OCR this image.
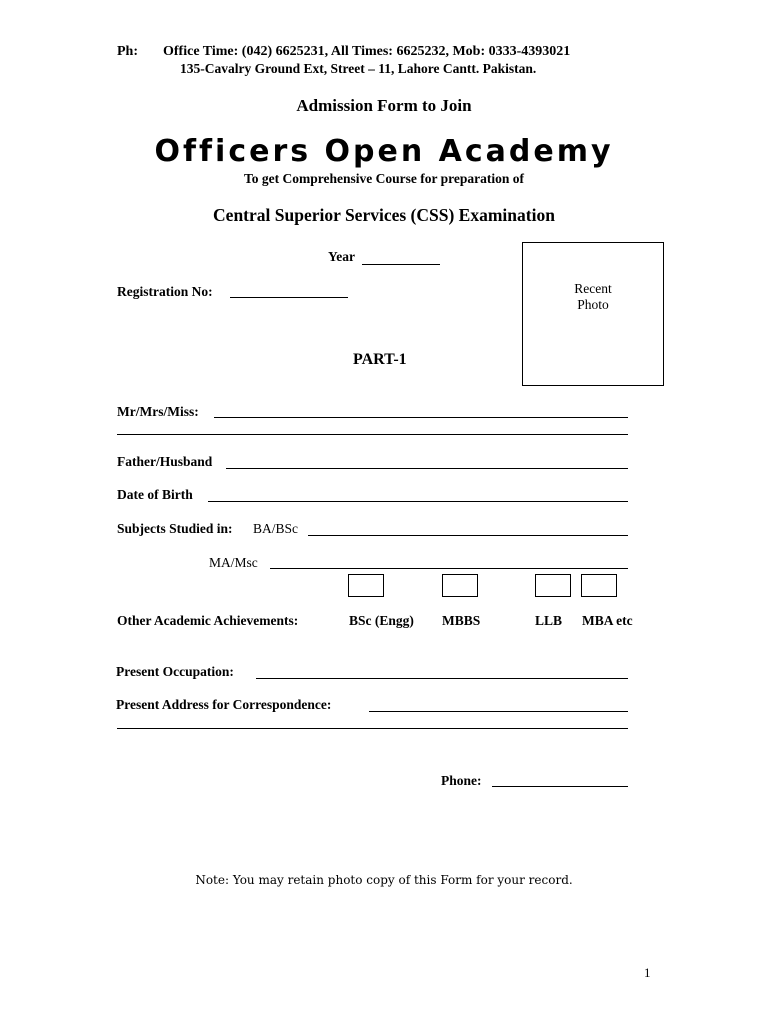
Ph: Office Time: (042) 6625231, All Times: 6625232, Mob: 0333-4393021
135-Cavalry Ground Ext, Street – 11, Lahore Cantt. Pakistan.
Admission Form to Join
Officers Open Academy
To get Comprehensive Course for preparation of
Central Superior Services (CSS) Examination
Year
Registration No:	Recent
Photo
PART-1
Mr/Mrs/Miss:
Father/Husband
Date of Birth
Subjects Studied in: BA/BSc
MA/Msc
Other Academic Achievements:	BSc (Engg) MBBS	LLB MBA etc
Present Occupation:
Present Address for Correspondence:
Phone:
Note: You may retain photo copy of this Form for your record.
1
